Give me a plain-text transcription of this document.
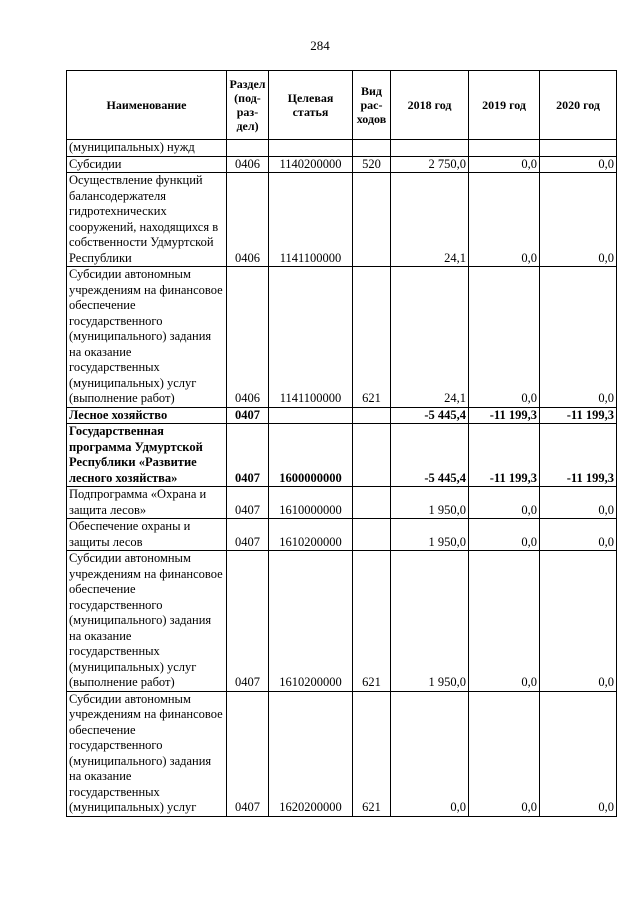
284
Наименование	Раздел (под-раз-дел)	Целевая статья	Вид рас-ходов	2018 год	2019 год	2020 год
(муниципальных) нужд						
Субсидии	0406	1140200000	520	2 750,0	0,0	0,0
Осуществление функций балансодержателя гидротехнических сооружений, находящихся в собственности Удмуртской Республики	0406	1141100000		24,1	0,0	0,0
Субсидии автономным учреждениям на финансовое обеспечение государственного (муниципального) задания на оказание государственных (муниципальных) услуг (выполнение работ)	0406	1141100000	621	24,1	0,0	0,0
Лесное хозяйство	0407			-5 445,4	-11 199,3	-11 199,3
Государственная программа Удмуртской Республики «Развитие лесного хозяйства»	0407	1600000000		-5 445,4	-11 199,3	-11 199,3
Подпрограмма «Охрана и защита лесов»	0407	1610000000		1 950,0	0,0	0,0
Обеспечение охраны и защиты лесов	0407	1610200000		1 950,0	0,0	0,0
Субсидии автономным учреждениям на финансовое обеспечение государственного (муниципального) задания на оказание государственных (муниципальных) услуг (выполнение работ)	0407	1610200000	621	1 950,0	0,0	0,0
Субсидии автономным учреждениям на финансовое обеспечение государственного (муниципального) задания на оказание государственных (муниципальных) услуг	0407	1620200000	621	0,0	0,0	0,0
